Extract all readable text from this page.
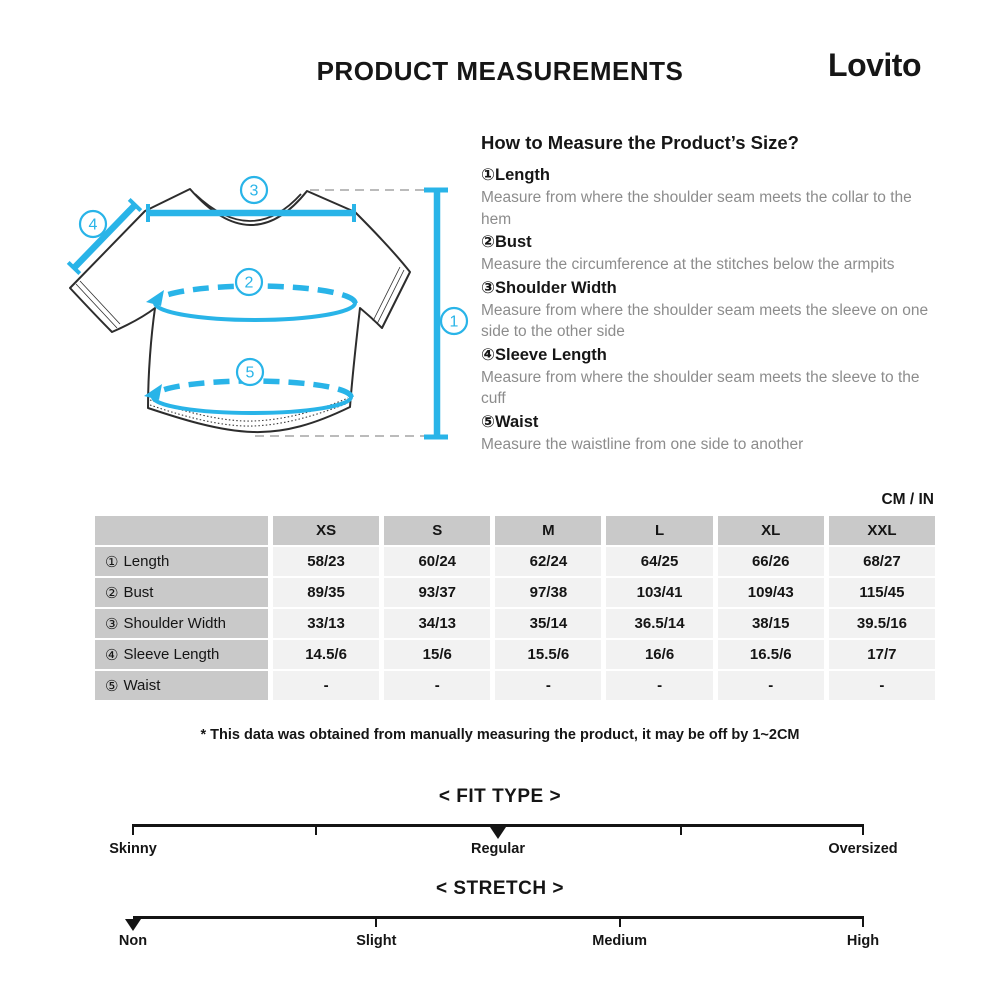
PRODUCT MEASUREMENTS	Lovito
3
4
2
5
1
How to Measure the Product’s Size?
①Length
Measure from where the shoulder seam meets the collar to the hem
②Bust
Measure the circumference at the stitches below the armpits
③Shoulder Width
Measure from where the shoulder seam meets the sleeve on one side to the other side
④Sleeve Length
Measure from where the shoulder seam meets the sleeve to the cuff
⑤Waist
Measure the waistline from one side to another
CM / IN
XS	S	M	L	XL	XXL
① Length	58/23	60/24	62/24	64/25	66/26	68/27
② Bust	89/35	93/37	97/38	103/41	109/43	115/45
③ Shoulder Width	33/13	34/13	35/14	36.5/14	38/15	39.5/16
④ Sleeve Length	14.5/6	15/6	15.5/6	16/6	16.5/6	17/7
⑤ Waist	-	-	-	-	-	-
* This data was obtained from manually measuring the product, it may be off by 1~2CM
< FIT TYPE >
Skinny	Regular	Oversized
< STRETCH >
Non	Slight	Medium	High
